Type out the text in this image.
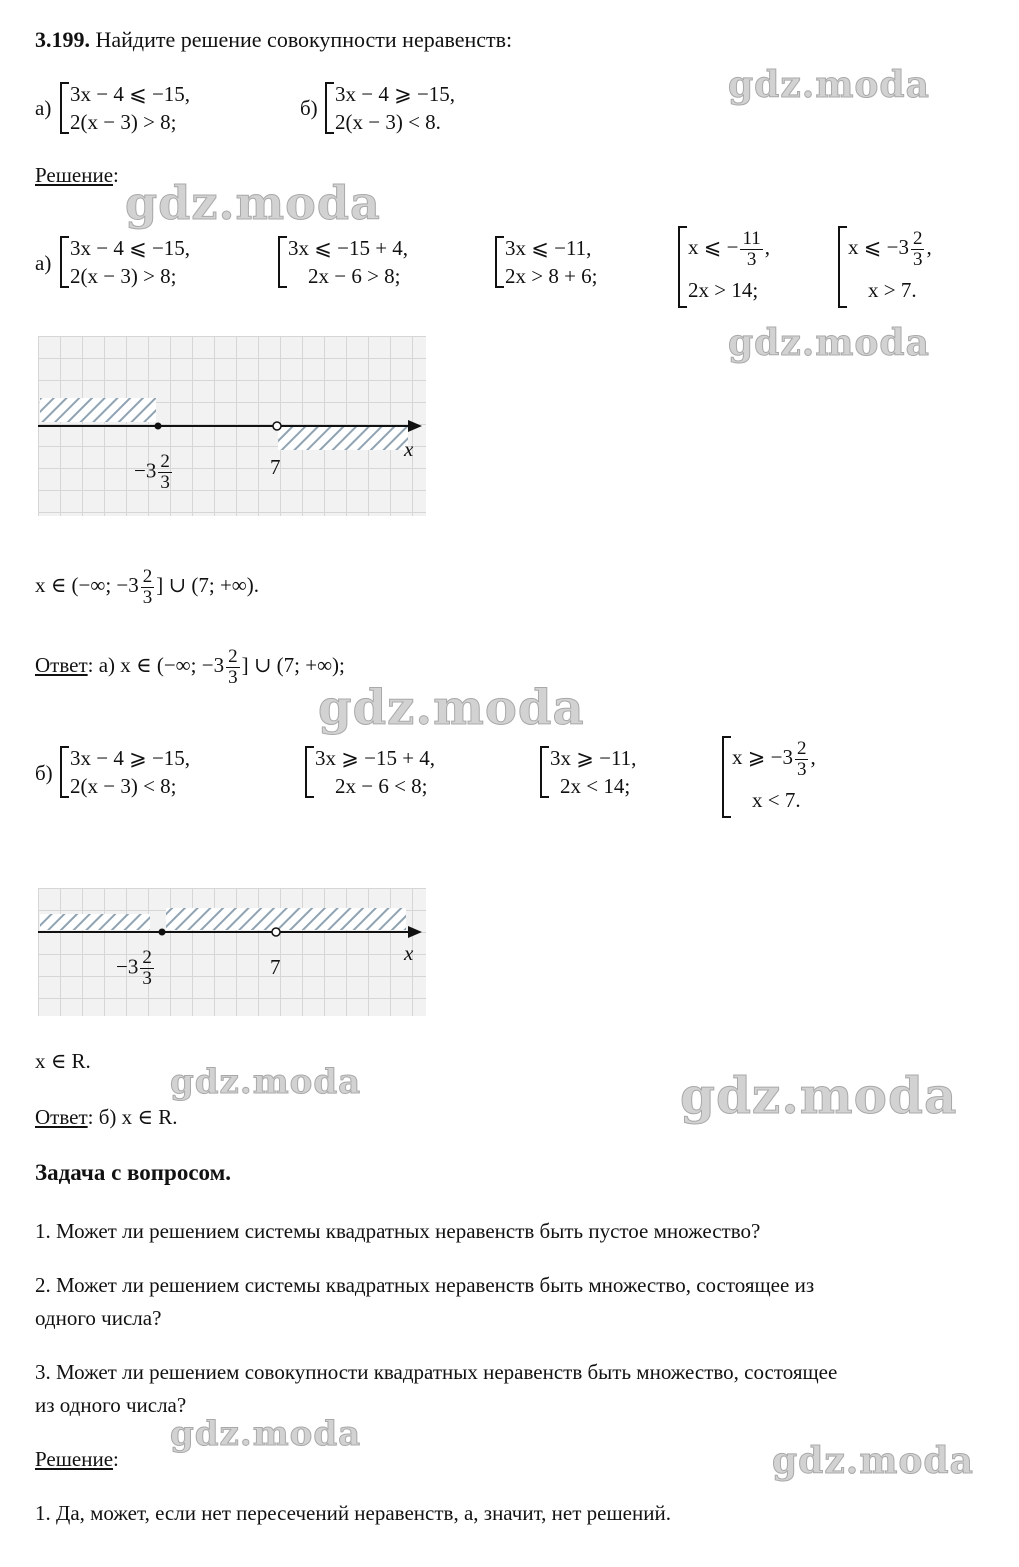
3.199. Найдите решение совокупности неравенств:
а)
3x − 4 ⩽ −15,
2(x − 3) > 8;
б)
3x − 4 ⩾ −15,
2(x − 3) < 8.
Решение:
а)
3x − 4 ⩽ −15,
2(x − 3) > 8;
3x ⩽ −15 + 4,
2x − 6 > 8;
3x ⩽ −11,
2x > 8 + 6;
x ⩽ − $\frac{11}{3}$ ,
2x > 14;
x ⩽ $-3 \frac{2}{3}$ ,
x > 7.
x
$-3 \frac{2}{3}$	7
x ∈ (−∞; $-3 \frac{2}{3}$ ] ∪ (7; +∞).
Ответ: а) x ∈ (−∞; $-3 \frac{2}{3}$ ] ∪ (7; +∞);
б)
3x − 4 ⩾ −15,
2(x − 3) < 8;
3x ⩾ −15 + 4,
2x − 6 < 8;
3x ⩾ −11,
2x < 14;
x ⩾ $-3 \frac{2}{3}$ ,
x < 7.
x
$-3 \frac{2}{3}$	7
x ∈ R.
Ответ: б) x ∈ R.
Задача с вопросом.
1. Может ли решением системы квадратных неравенств быть пустое множество?
2. Может ли решением системы квадратных неравенств быть множество, состоящее из
одного числа?
3. Может ли решением совокупности квадратных неравенств быть множество, состоящее
из одного числа?
Решение:
1. Да, может, если нет пересечений неравенств, а, значит, нет решений.
gdz.moda
gdz.moda
gdz.moda
gdz.moda
gdz.moda	gdz.moda
gdz.moda
gdz.moda
